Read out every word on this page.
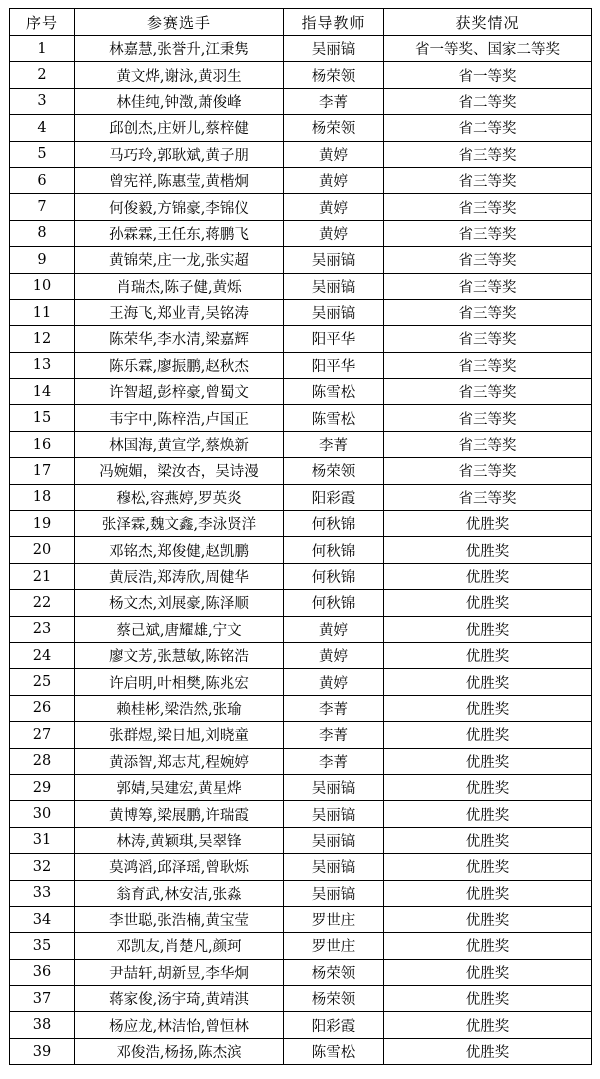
序号	参赛选手	指导教师	获奖情况
1	林嘉慧,张誉升,江秉隽	吴丽镐	省一等奖、国家二等奖
2	黄文烨,谢泳,黄羽生	杨荣领	省一等奖
3	林佳纯,钟澂,萧俊峰	李菁	省二等奖
4	邱创杰,庄妍儿,蔡梓健	杨荣领	省二等奖
5	马巧玲,郭耿斌,黄子朋	黄婷	省三等奖
6	曾宪祥,陈惠莹,黄楷炯	黄婷	省三等奖
7	何俊毅,方锦豪,李锦仪	黄婷	省三等奖
8	孙霖霖,王任东,蒋鹏飞	黄婷	省三等奖
9	黄锦荣,庄一龙,张实超	吴丽镐	省三等奖
10	肖瑞杰,陈子健,黄烁	吴丽镐	省三等奖
11	王海飞,郑业青,吴铭涛	吴丽镐	省三等奖
12	陈荣华,李水清,梁嘉辉	阳平华	省三等奖
13	陈乐霖,廖振鹏,赵秋杰	阳平华	省三等奖
14	许智超,彭梓豪,曾蜀文	陈雪松	省三等奖
15	韦宇中,陈梓浩,卢国正	陈雪松	省三等奖
16	林国海,黄宣学,蔡焕新	李菁	省三等奖
17	冯婉媚，梁汝杏，吴诗漫	杨荣领	省三等奖
18	穆松,容燕婷,罗英炎	阳彩霞	省三等奖
19	张泽霖,魏文鑫,李泳贤洋	何秋锦	优胜奖
20	邓铭杰,郑俊健,赵凯鹏	何秋锦	优胜奖
21	黄辰浩,郑涛欣,周健华	何秋锦	优胜奖
22	杨文杰,刘展豪,陈泽顺	何秋锦	优胜奖
23	蔡己斌,唐耀雄,宁文	黄婷	优胜奖
24	廖文芳,张慧敏,陈铭浩	黄婷	优胜奖
25	许启明,叶相樊,陈兆宏	黄婷	优胜奖
26	赖桂彬,梁浩然,张瑜	李菁	优胜奖
27	张群煜,梁日旭,刘晓童	李菁	优胜奖
28	黄添智,郑志芃,程婉婷	李菁	优胜奖
29	郭婧,吴建宏,黄星烨	吴丽镐	优胜奖
30	黄博筹,梁展鹏,许瑞霞	吴丽镐	优胜奖
31	林涛,黄颖琪,吴翠锋	吴丽镐	优胜奖
32	莫鸿滔,邱泽瑶,曾耿烁	吴丽镐	优胜奖
33	翁育武,林安洁,张淼	吴丽镐	优胜奖
34	李世聪,张浩楠,黄宝莹	罗世庄	优胜奖
35	邓凯友,肖楚凡,颜珂	罗世庄	优胜奖
36	尹喆轩,胡新昱,李华炯	杨荣领	优胜奖
37	蒋家俊,汤宇琦,黄靖淇	杨荣领	优胜奖
38	杨应龙,林洁怡,曾恒林	阳彩霞	优胜奖
39	邓俊浩,杨扬,陈杰滨	陈雪松	优胜奖
